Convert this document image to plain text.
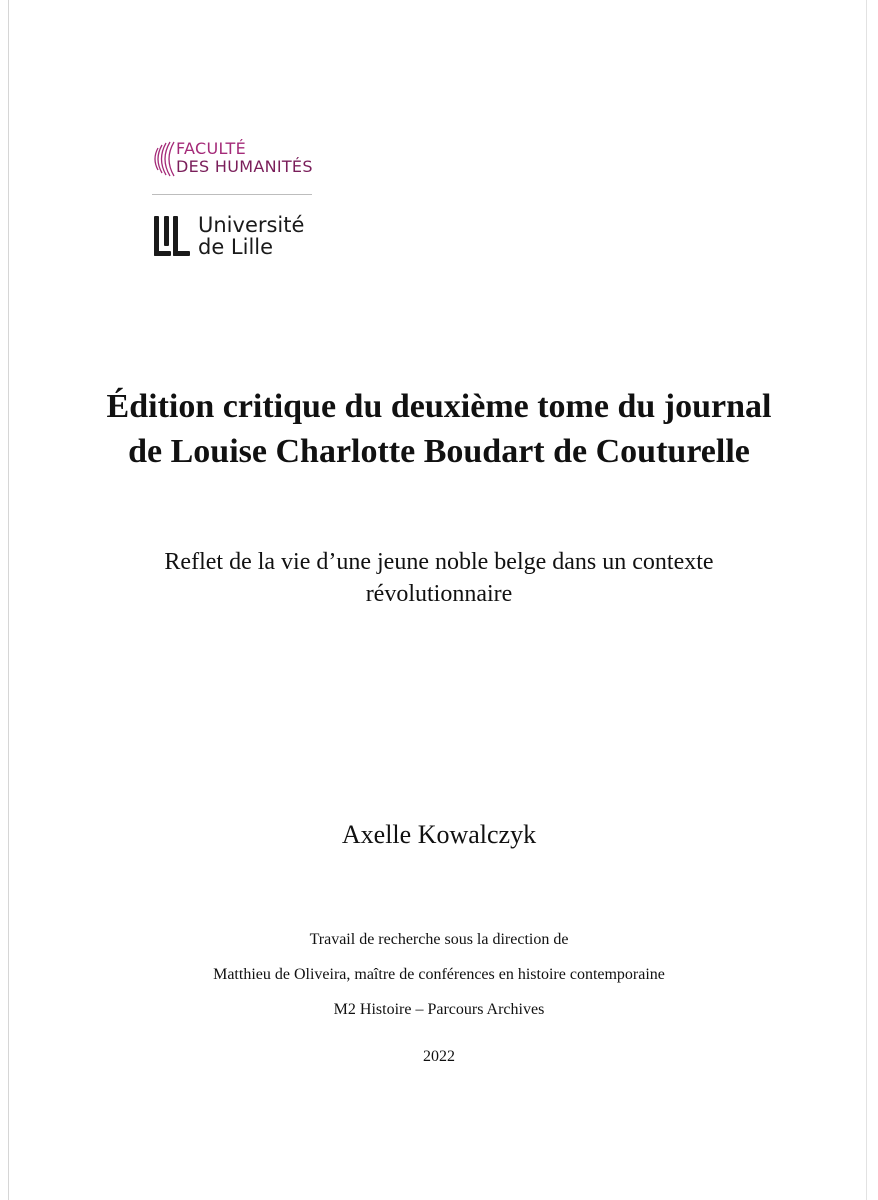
FACULTÉ
DES HUMANITÉS
Université
de Lille
Édition critique du deuxième tome du journal de Louise Charlotte Boudart de Couturelle

Reflet de la vie d’une jeune noble belge dans un contexte révolutionnaire

Axelle Kowalczyk
Travail de recherche sous la direction de
Matthieu de Oliveira, maître de conférences en histoire contemporaine
M2 Histoire – Parcours Archives
2022
